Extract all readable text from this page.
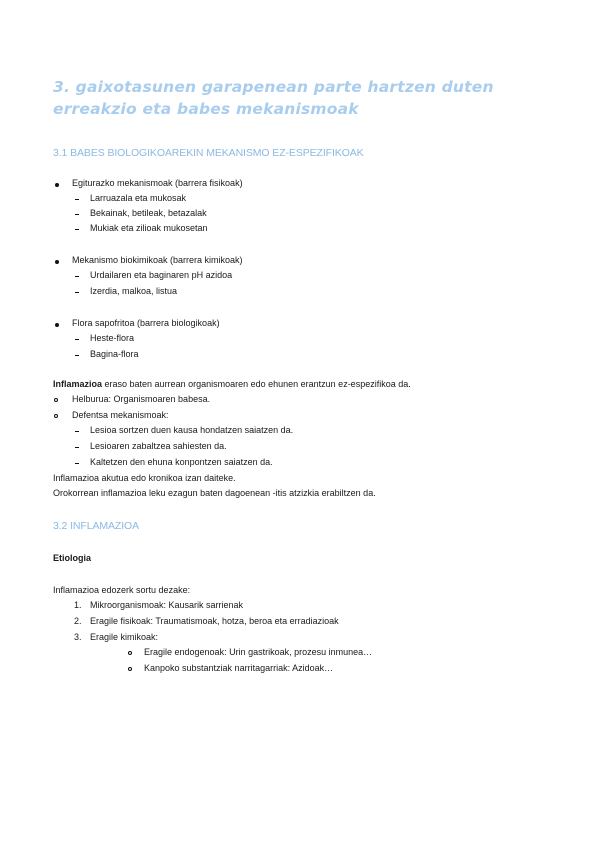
3. gaixotasunen garapenean parte hartzen duten erreakzio eta babes mekanismoak
3.1 BABES BIOLOGIKOAREKIN MEKANISMO EZ-ESPEZIFIKOAK
Egiturazko mekanismoak (barrera fisikoak)
Larruazala eta mukosak
Bekainak, betileak, betazalak
Mukiak eta zilioak mukosetan
Mekanismo biokimikoak (barrera kimikoak)
Urdailaren eta baginaren pH azidoa
Izerdia, malkoa, listua
Flora sapofritoa (barrera biologikoak)
Heste-flora
Bagina-flora
Inflamazioa eraso baten aurrean organismoaren edo ehunen erantzun ez-espezifikoa da.
Helburua: Organismoaren babesa.
Defentsa mekanismoak:
Lesioa sortzen duen kausa hondatzen saiatzen da.
Lesioaren zabaltzea sahiesten da.
Kaltetzen den ehuna konpontzen saiatzen da.
Inflamazioa akutua edo kronikoa izan daiteke.
Orokorrean inflamazioa leku ezagun baten dagoenean -itis atzizkia erabiltzen da.
3.2 INFLAMAZIOA
Etiologia
Inflamazioa edozerk sortu dezake:
1. Mikroorganismoak: Kausarik sarrienak
2. Eragile fisikoak: Traumatismoak, hotza, beroa eta erradiazioak
3. Eragile kimikoak:
Eragile endogenoak: Urin gastrikoak, prozesu inmunea…
Kanpoko substantziak narritagarriak: Azidoak…
